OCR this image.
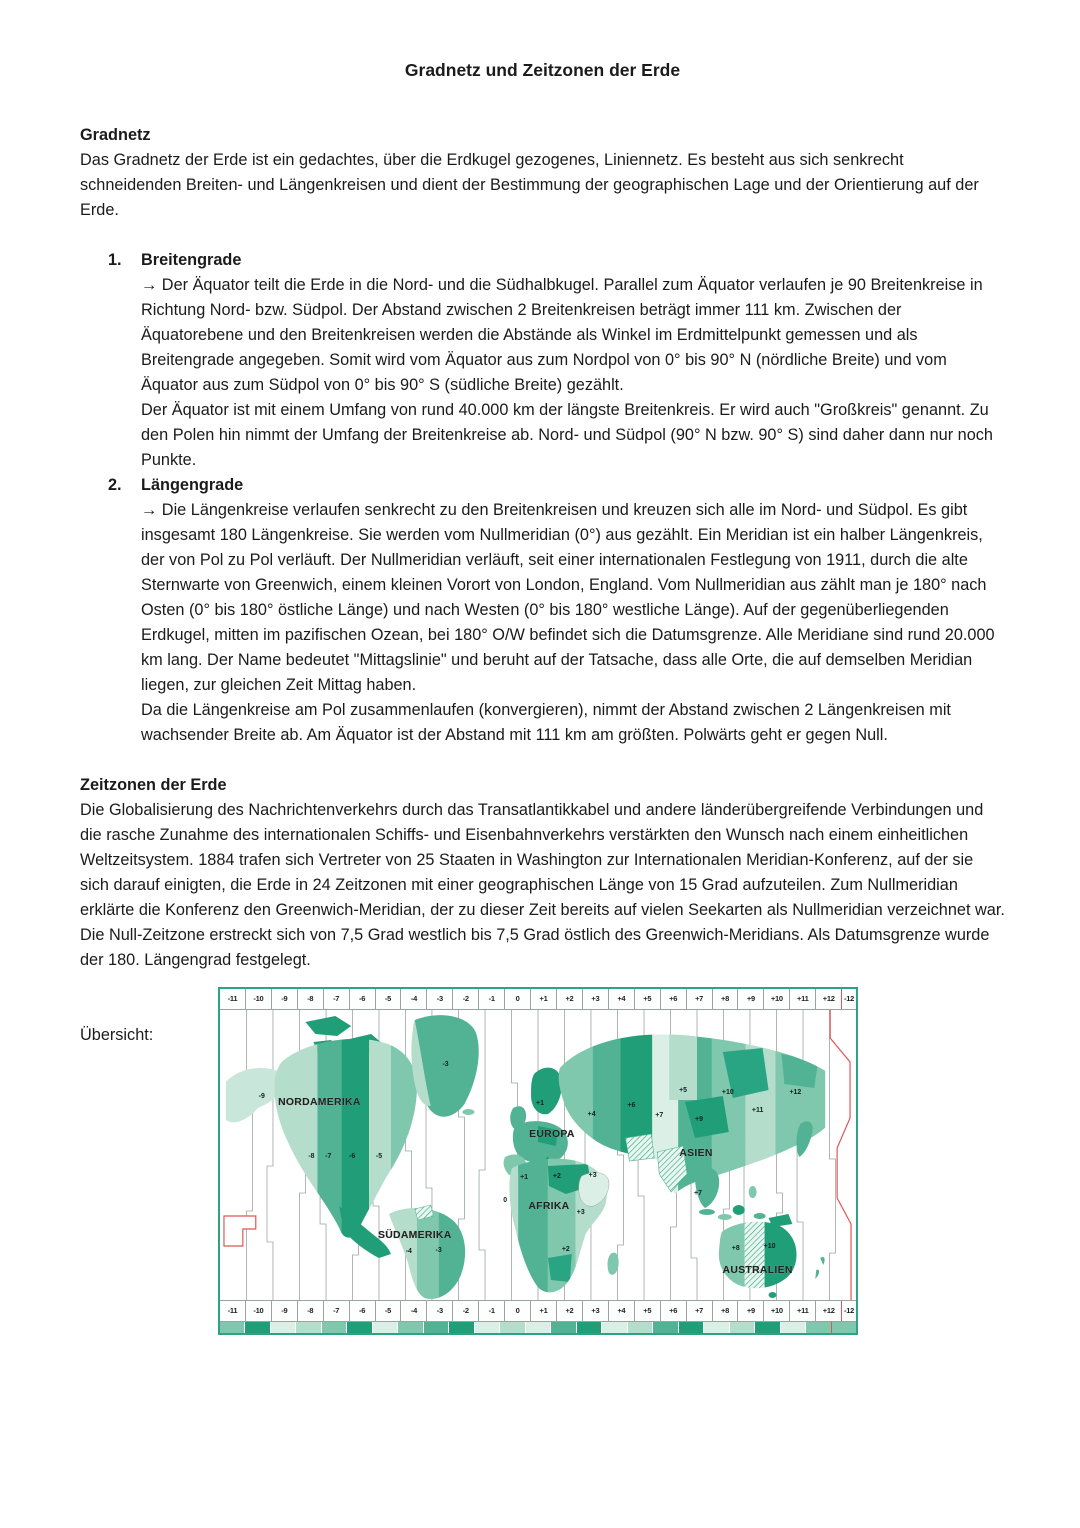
Gradnetz und Zeitzonen der Erde
Gradnetz

Das Gradnetz der Erde ist ein gedachtes, über die Erdkugel gezogenes, Liniennetz. Es besteht aus sich senkrecht schneidenden Breiten- und Längenkreisen und dient der Bestimmung der geographischen Lage und der Orientierung auf der Erde.

1.	Breitengrade

→ Der Äquator teilt die Erde in die Nord- und die Südhalbkugel. Parallel zum Äquator verlaufen je 90 Breitenkreise in Richtung Nord- bzw. Südpol. Der Abstand zwischen 2 Breitenkreisen beträgt immer 111 km. Zwischen der Äquatorebene und den Breitenkreisen werden die Abstände als Winkel im Erdmittelpunkt gemessen und als Breitengrade angegeben. Somit wird vom Äquator aus zum Nordpol von 0° bis 90° N (nördliche Breite) und vom Äquator aus zum Südpol von 0° bis 90° S (südliche Breite) gezählt.

Der Äquator ist mit einem Umfang von rund 40.000 km der längste Breitenkreis. Er wird auch "Großkreis" genannt. Zu den Polen hin nimmt der Umfang der Breitenkreise ab. Nord- und Südpol (90° N bzw. 90° S) sind daher dann nur noch Punkte.

2.	Längengrade

→ Die Längenkreise verlaufen senkrecht zu den Breitenkreisen und kreuzen sich alle im Nord- und Südpol. Es gibt insgesamt 180 Längenkreise. Sie werden vom Nullmeridian (0°) aus gezählt. Ein Meridian ist ein halber Längenkreis, der von Pol zu Pol verläuft. Der Nullmeridian verläuft, seit einer internationalen Festlegung von 1911, durch die alte Sternwarte von Greenwich, einem kleinen Vorort von London, England. Vom Nullmeridian aus zählt man je 180° nach Osten (0° bis 180° östliche Länge) und nach Westen (0° bis 180° westliche Länge). Auf der gegenüberliegenden Erdkugel, mitten im pazifischen Ozean, bei 180° O/W befindet sich die Datumsgrenze. Alle Meridiane sind rund 20.000 km lang. Der Name bedeutet "Mittagslinie" und beruht auf der Tatsache, dass alle Orte, die auf demselben Meridian liegen, zur gleichen Zeit Mittag haben.

Da die Längenkreise am Pol zusammenlaufen (konvergieren), nimmt der Abstand zwischen 2 Längenkreisen mit wachsender Breite ab. Am Äquator ist der Abstand mit 111 km am größten. Polwärts geht er gegen Null.

Zeitzonen der Erde

Die Globalisierung des Nachrichtenverkehrs durch das Transatlantikkabel und andere länderübergreifende Verbindungen und die rasche Zunahme des internationalen Schiffs- und Eisenbahnverkehrs verstärkten den Wunsch nach einem einheitlichen Weltzeitsystem. 1884 trafen sich Vertreter von 25 Staaten in Washington zur Internationalen Meridian-Konferenz, auf der sie sich darauf einigten, die Erde in 24 Zeitzonen mit einer geographischen Länge von 15 Grad aufzuteilen. Zum Nullmeridian erklärte die Konferenz den Greenwich-Meridian, der zu dieser Zeit bereits auf vielen Seekarten als Nullmeridian verzeichnet war. Die Null-Zeitzone erstreckt sich von 7,5 Grad westlich bis 7,5 Grad östlich des Greenwich-Meridians. Als Datumsgrenze wurde der 180. Längengrad festgelegt.

Übersicht:
-11	-10	-9	-8	-7	-6	-5	-4	-3	-2	-1	0	+1	+2	+3	+4	+5	+6	+7	+8	+9	+10	+11	+12	-12
NORDAMERIKA
EUROPA
ASIEN
AFRIKA
SÜDAMERIKA
AUSTRALIEN
-9
-8 -7	-6	-5
-3
-4	-3
+1
+4
+6
+7
+5
+9
+10
+11
+12
0
+1	+2	+3
+3
+2
+7
+8	+10
-11	-10	-9	-8	-7	-6	-5	-4	-3	-2	-1	0	+1	+2	+3	+4	+5	+6	+7	+8	+9	+10	+11	+12	-12
